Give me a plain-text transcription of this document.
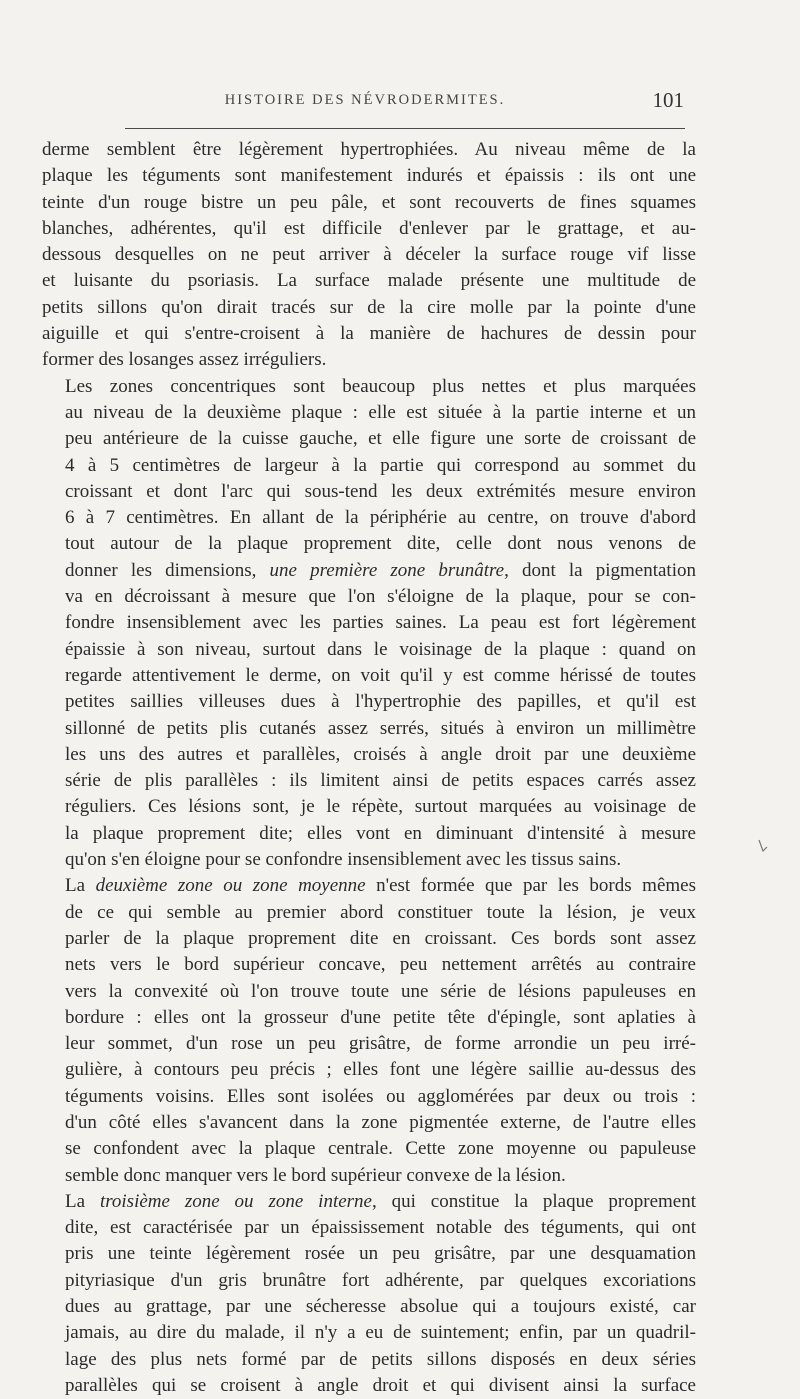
HISTOIRE DES NÉVRODERMITES.	101

derme semblent être légèrement hypertrophiées. Au niveau même de la
plaque les téguments sont manifestement indurés et épaissis : ils ont une
teinte d'un rouge bistre un peu pâle, et sont recouverts de fines squames
blanches, adhérentes, qu'il est difficile d'enlever par le grattage, et au-
dessous desquelles on ne peut arriver à déceler la surface rouge vif lisse
et luisante du psoriasis. La surface malade présente une multitude de
petits sillons qu'on dirait tracés sur de la cire molle par la pointe d'une
aiguille et qui s'entre-croisent à la manière de hachures de dessin pour
former des losanges assez irréguliers.

Les zones concentriques sont beaucoup plus nettes et plus marquées
au niveau de la deuxième plaque : elle est située à la partie interne et un
peu antérieure de la cuisse gauche, et elle figure une sorte de croissant de
4 à 5 centimètres de largeur à la partie qui correspond au sommet du
croissant et dont l'arc qui sous-tend les deux extrémités mesure environ
6 à 7 centimètres. En allant de la périphérie au centre, on trouve d'abord
tout autour de la plaque proprement dite, celle dont nous venons de
donner les dimensions, une première zone brunâtre, dont la pigmentation
va en décroissant à mesure que l'on s'éloigne de la plaque, pour se con-
fondre insensiblement avec les parties saines. La peau est fort légèrement
épaissie à son niveau, surtout dans le voisinage de la plaque : quand on
regarde attentivement le derme, on voit qu'il y est comme hérissé de toutes
petites saillies villeuses dues à l'hypertrophie des papilles, et qu'il est
sillonné de petits plis cutanés assez serrés, situés à environ un millimètre
les uns des autres et parallèles, croisés à angle droit par une deuxième
série de plis parallèles : ils limitent ainsi de petits espaces carrés assez
réguliers. Ces lésions sont, je le répète, surtout marquées au voisinage de
la plaque proprement dite; elles vont en diminuant d'intensité à mesure
qu'on s'en éloigne pour se confondre insensiblement avec les tissus sains.

La deuxième zone ou zone moyenne n'est formée que par les bords mêmes
de ce qui semble au premier abord constituer toute la lésion, je veux
parler de la plaque proprement dite en croissant. Ces bords sont assez
nets vers le bord supérieur concave, peu nettement arrêtés au contraire
vers la convexité où l'on trouve toute une série de lésions papuleuses en
bordure : elles ont la grosseur d'une petite tête d'épingle, sont aplaties à
leur sommet, d'un rose un peu grisâtre, de forme arrondie un peu irré-
gulière, à contours peu précis ; elles font une légère saillie au-dessus des
téguments voisins. Elles sont isolées ou agglomérées par deux ou trois :
d'un côté elles s'avancent dans la zone pigmentée externe, de l'autre elles
se confondent avec la plaque centrale. Cette zone moyenne ou papuleuse
semble donc manquer vers le bord supérieur convexe de la lésion.

La troisième zone ou zone interne, qui constitue la plaque proprement
dite, est caractérisée par un épaississement notable des téguments, qui ont
pris une teinte légèrement rosée un peu grisâtre, par une desquamation
pityriasique d'un gris brunâtre fort adhérente, par quelques excoriations
dues au grattage, par une sécheresse absolue qui a toujours existé, car
jamais, au dire du malade, il n'y a eu de suintement; enfin, par un quadril-
lage des plus nets formé par de petits sillons disposés en deux séries
parallèles qui se croisent à angle droit et qui divisent ainsi la surface
